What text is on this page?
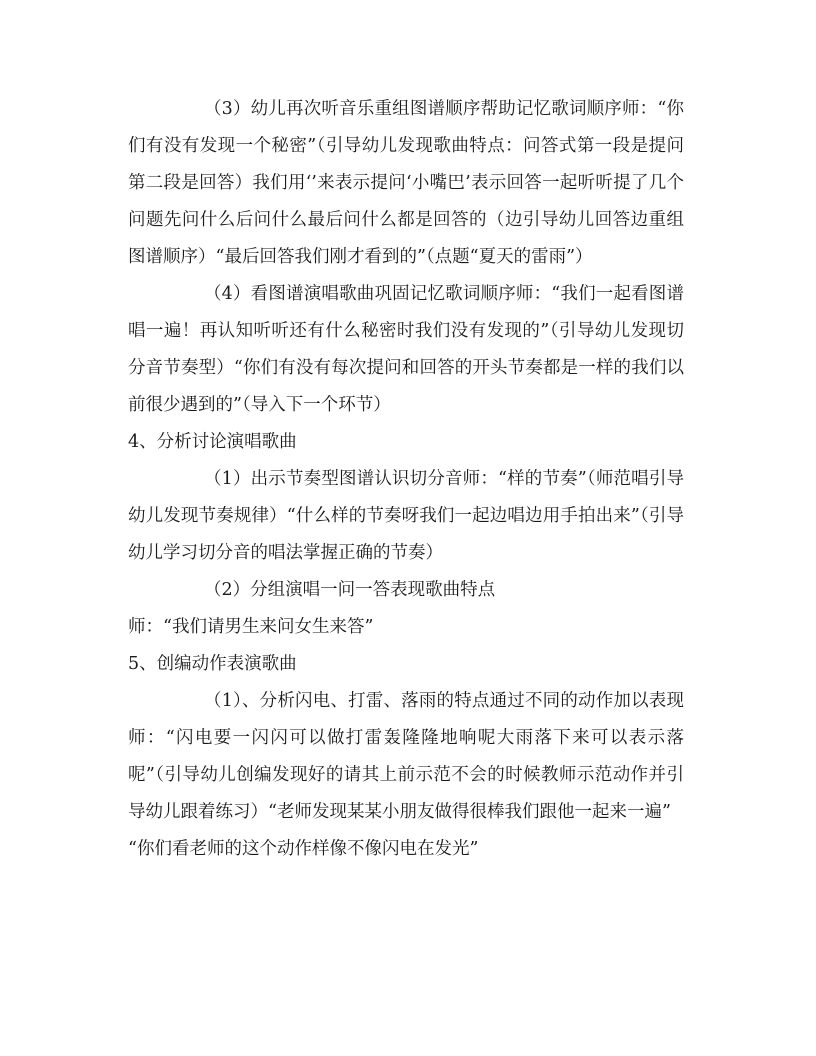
（3）幼儿再次听音乐重组图谱顺序帮助记忆歌词顺序师：“你们有没有发现一个秘密”（引导幼儿发现歌曲特点：问答式第一段是提问第二段是回答）我们用‘’来表示提问‘小嘴巴’表示回答一起听听提了几个问题先问什么后问什么最后问什么都是回答的（边引导幼儿回答边重组图谱顺序）“最后回答我们刚才看到的”（点题“夏天的雷雨”）

（4）看图谱演唱歌曲巩固记忆歌词顺序师：“我们一起看图谱唱一遍！再认知听听还有什么秘密时我们没有发现的”（引导幼儿发现切分音节奏型）“你们有没有每次提问和回答的开头节奏都是一样的我们以前很少遇到的”（导入下一个环节）

4、分析讨论演唱歌曲

（1）出示节奏型图谱认识切分音师：“样的节奏”（师范唱引导幼儿发现节奏规律）“什么样的节奏呀我们一起边唱边用手拍出来”（引导幼儿学习切分音的唱法掌握正确的节奏）

（2）分组演唱一问一答表现歌曲特点

师：“我们请男生来问女生来答”

5、创编动作表演歌曲

（1）、分析闪电、打雷、落雨的特点通过不同的动作加以表现师：“闪电要一闪闪可以做打雷轰隆隆地响呢大雨落下来可以表示落呢”（引导幼儿创编发现好的请其上前示范不会的时候教师示范动作并引导幼儿跟着练习）“老师发现某某小朋友做得很棒我们跟他一起来一遍”

“你们看老师的这个动作样像不像闪电在发光”
